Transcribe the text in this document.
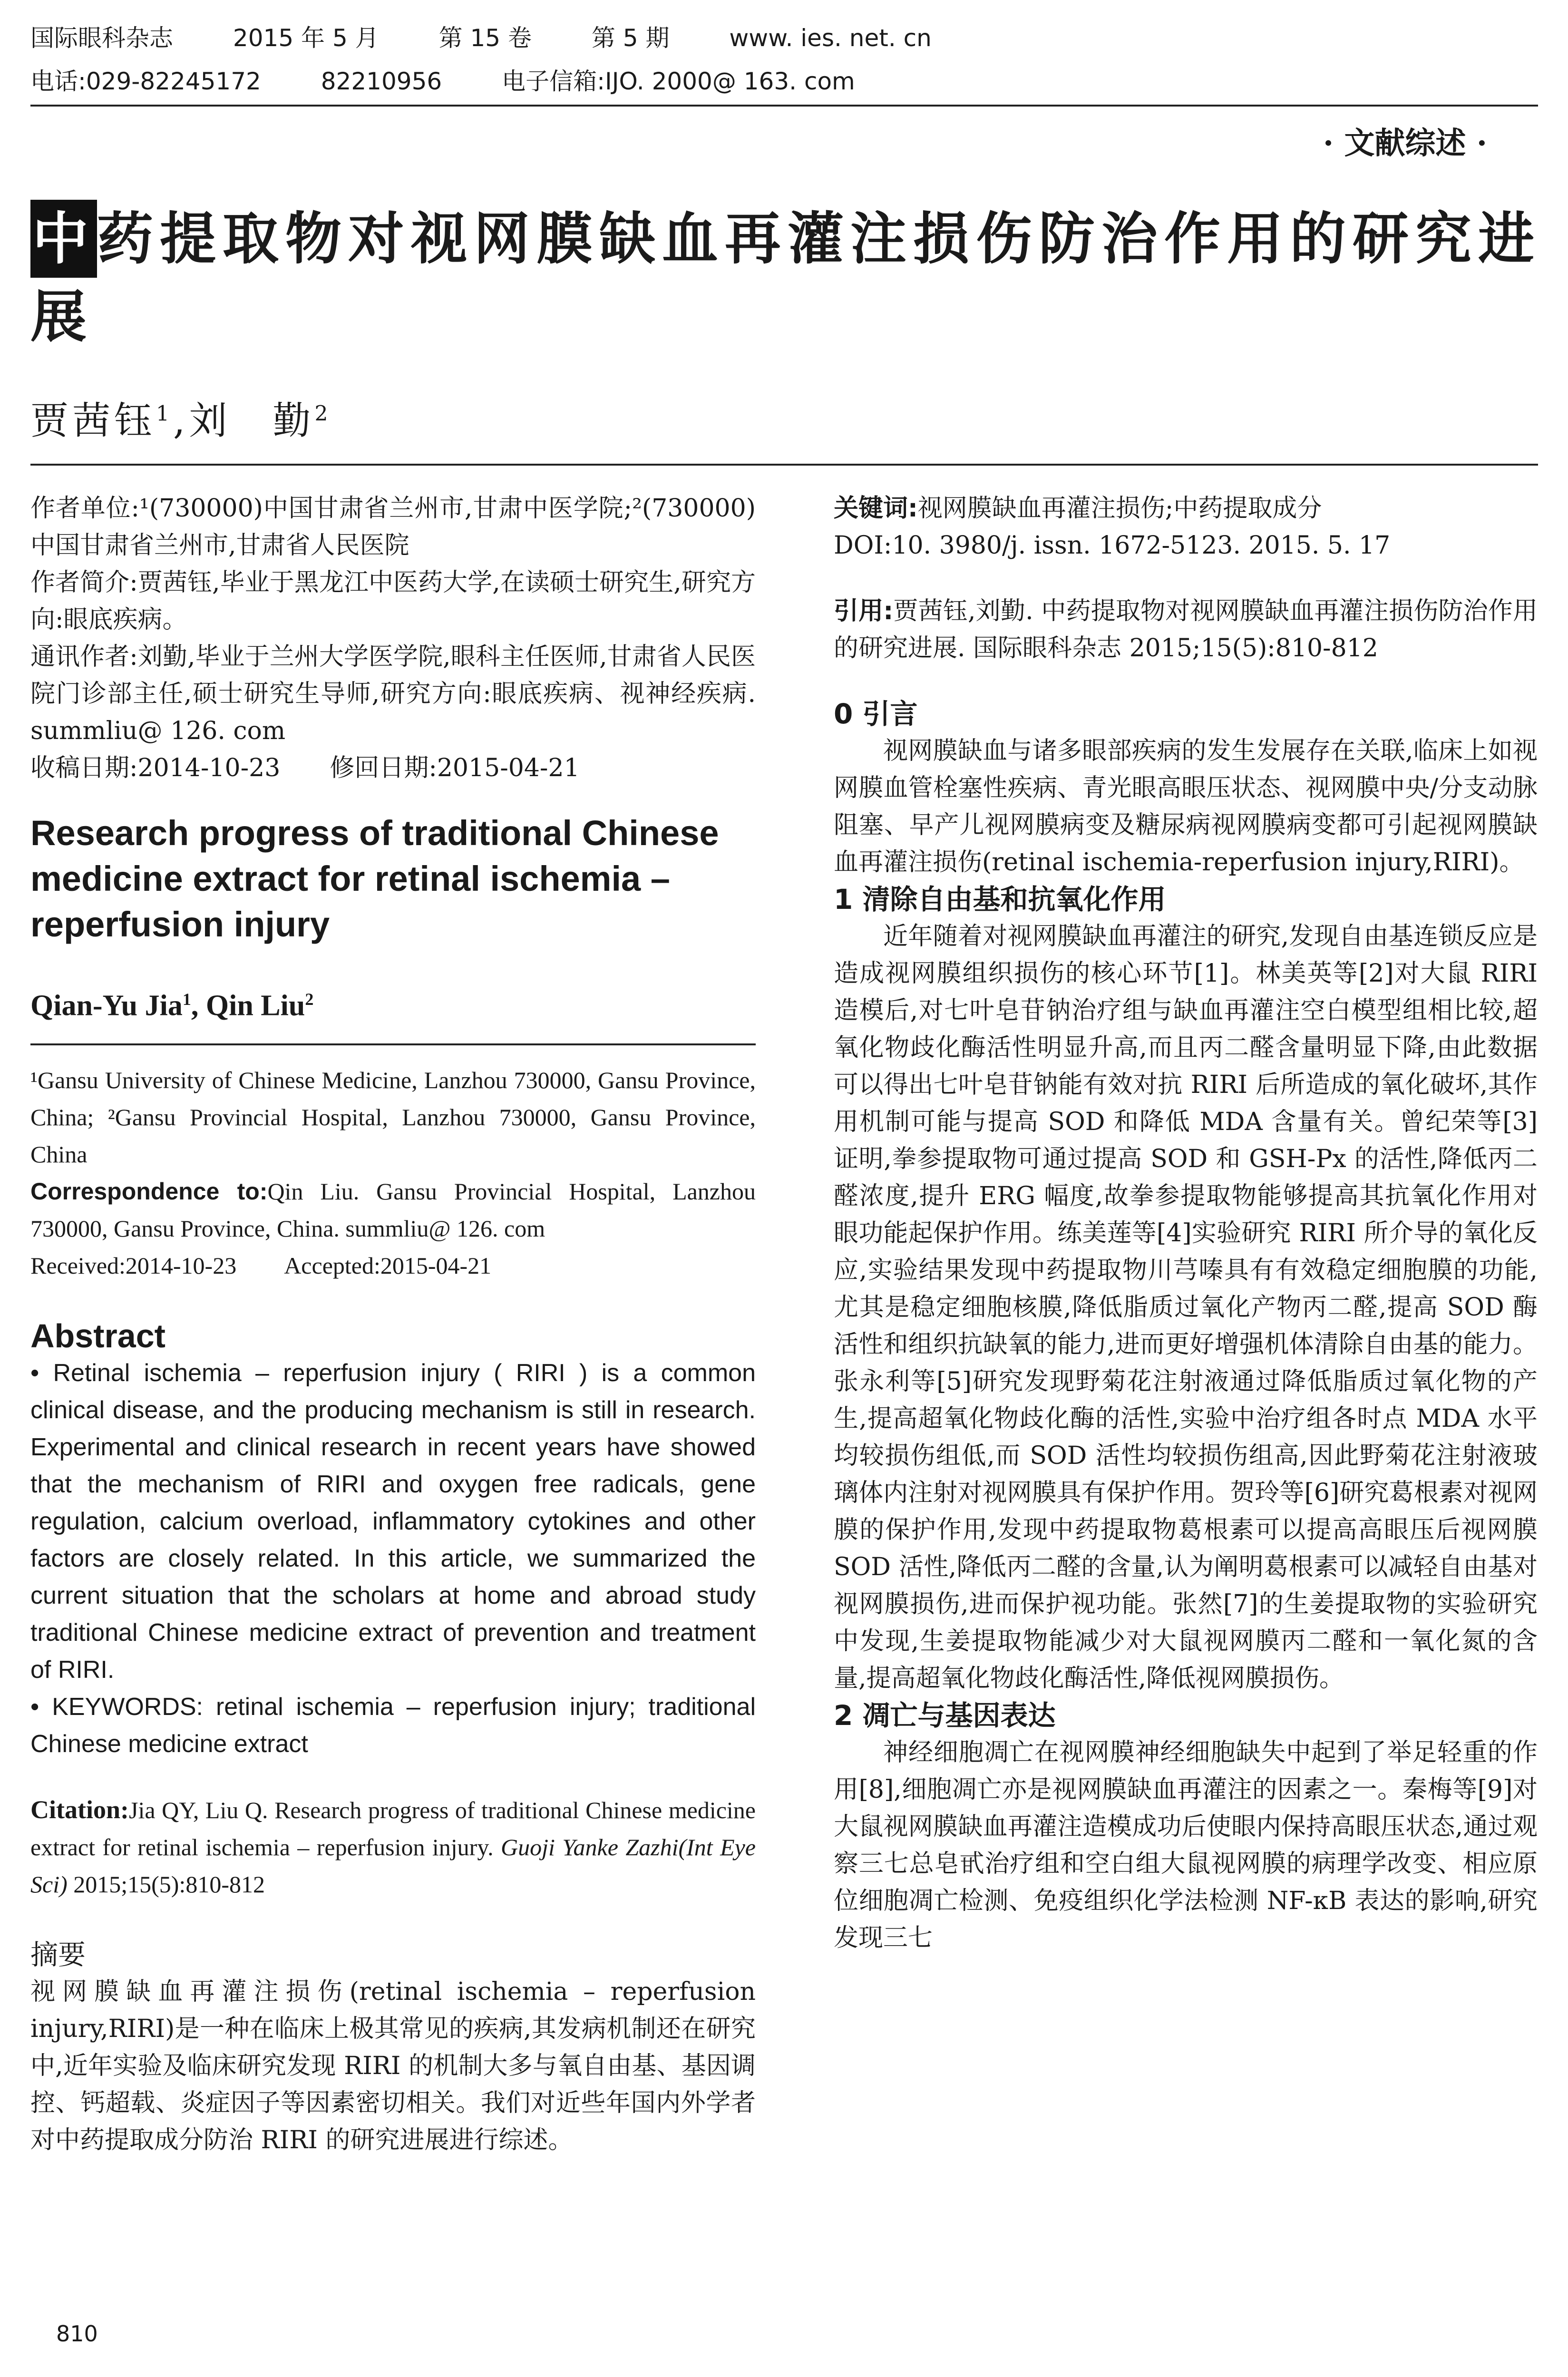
国际眼科杂志	2015 年 5 月	第 15 卷	第 5 期	www. ies. net. cn
电话:029-82245172	82210956	电子信箱:IJO. 2000@ 163. com
· 文献综述 ·
中药提取物对视网膜缺血再灌注损伤防治作用的研究进展
贾茜钰$^1$,刘　勤$^2$

作者单位:¹(730000)中国甘肃省兰州市,甘肃中医学院;²(730000)中国甘肃省兰州市,甘肃省人民医院

作者简介:贾茜钰,毕业于黑龙江中医药大学,在读硕士研究生,研究方向:眼底疾病。

通讯作者:刘勤,毕业于兰州大学医学院,眼科主任医师,甘肃省人民医院门诊部主任,硕士研究生导师,研究方向:眼底疾病、视神经疾病. summliu@ 126. com

收稿日期:2014-10-23　　修回日期:2015-04-21

Research progress of traditional Chinese medicine extract for retinal ischemia – reperfusion injury
Qian-Yu Jia$^1$, Qin Liu$^2$

¹Gansu University of Chinese Medicine, Lanzhou 730000, Gansu Province, China; ²Gansu Provincial Hospital, Lanzhou 730000, Gansu Province, China

Correspondence to:Qin Liu. Gansu Provincial Hospital, Lanzhou 730000, Gansu Province, China. summliu@ 126. com

Received:2014-10-23　　Accepted:2015-04-21

Abstract

• Retinal ischemia – reperfusion injury ( RIRI ) is a common clinical disease, and the producing mechanism is still in research. Experimental and clinical research in recent years have showed that the mechanism of RIRI and oxygen free radicals, gene regulation, calcium overload, inflammatory cytokines and other factors are closely related. In this article, we summarized the current situation that the scholars at home and abroad study traditional Chinese medicine extract of prevention and treatment of RIRI.

• KEYWORDS: retinal ischemia – reperfusion injury; traditional Chinese medicine extract

Citation:Jia QY, Liu Q. Research progress of traditional Chinese medicine extract for retinal ischemia – reperfusion injury. Guoji Yanke Zazhi(Int Eye Sci) 2015;15(5):810-812

摘要

视网膜缺血再灌注损伤(retinal ischemia – reperfusion injury,RIRI)是一种在临床上极其常见的疾病,其发病机制还在研究中,近年实验及临床研究发现 RIRI 的机制大多与氧自由基、基因调控、钙超载、炎症因子等因素密切相关。我们对近些年国内外学者对中药提取成分防治 RIRI 的研究进展进行综述。

关键词:视网膜缺血再灌注损伤;中药提取成分

DOI:10. 3980/j. issn. 1672-5123. 2015. 5. 17

引用:贾茜钰,刘勤. 中药提取物对视网膜缺血再灌注损伤防治作用的研究进展. 国际眼科杂志 2015;15(5):810-812

0 引言

视网膜缺血与诸多眼部疾病的发生发展存在关联,临床上如视网膜血管栓塞性疾病、青光眼高眼压状态、视网膜中央/分支动脉阻塞、早产儿视网膜病变及糖尿病视网膜病变都可引起视网膜缺血再灌注损伤(retinal ischemia-reperfusion injury,RIRI)。

1 清除自由基和抗氧化作用

近年随着对视网膜缺血再灌注的研究,发现自由基连锁反应是造成视网膜组织损伤的核心环节[1]。林美英等[2]对大鼠 RIRI 造模后,对七叶皂苷钠治疗组与缺血再灌注空白模型组相比较,超氧化物歧化酶活性明显升高,而且丙二醛含量明显下降,由此数据可以得出七叶皂苷钠能有效对抗 RIRI 后所造成的氧化破坏,其作用机制可能与提高 SOD 和降低 MDA 含量有关。曾纪荣等[3]证明,拳参提取物可通过提高 SOD 和 GSH-Px 的活性,降低丙二醛浓度,提升 ERG 幅度,故拳参提取物能够提高其抗氧化作用对眼功能起保护作用。练美莲等[4]实验研究 RIRI 所介导的氧化反应,实验结果发现中药提取物川芎嗪具有有效稳定细胞膜的功能,尤其是稳定细胞核膜,降低脂质过氧化产物丙二醛,提高 SOD 酶活性和组织抗缺氧的能力,进而更好增强机体清除自由基的能力。张永利等[5]研究发现野菊花注射液通过降低脂质过氧化物的产生,提高超氧化物歧化酶的活性,实验中治疗组各时点 MDA 水平均较损伤组低,而 SOD 活性均较损伤组高,因此野菊花注射液玻璃体内注射对视网膜具有保护作用。贺玲等[6]研究葛根素对视网膜的保护作用,发现中药提取物葛根素可以提高高眼压后视网膜 SOD 活性,降低丙二醛的含量,认为阐明葛根素可以减轻自由基对视网膜损伤,进而保护视功能。张然[7]的生姜提取物的实验研究中发现,生姜提取物能减少对大鼠视网膜丙二醛和一氧化氮的含量,提高超氧化物歧化酶活性,降低视网膜损伤。

2 凋亡与基因表达

神经细胞凋亡在视网膜神经细胞缺失中起到了举足轻重的作用[8],细胞凋亡亦是视网膜缺血再灌注的因素之一。秦梅等[9]对大鼠视网膜缺血再灌注造模成功后使眼内保持高眼压状态,通过观察三七总皂甙治疗组和空白组大鼠视网膜的病理学改变、相应原位细胞凋亡检测、免疫组织化学法检测 NF-κB 表达的影响,研究发现三七

810
